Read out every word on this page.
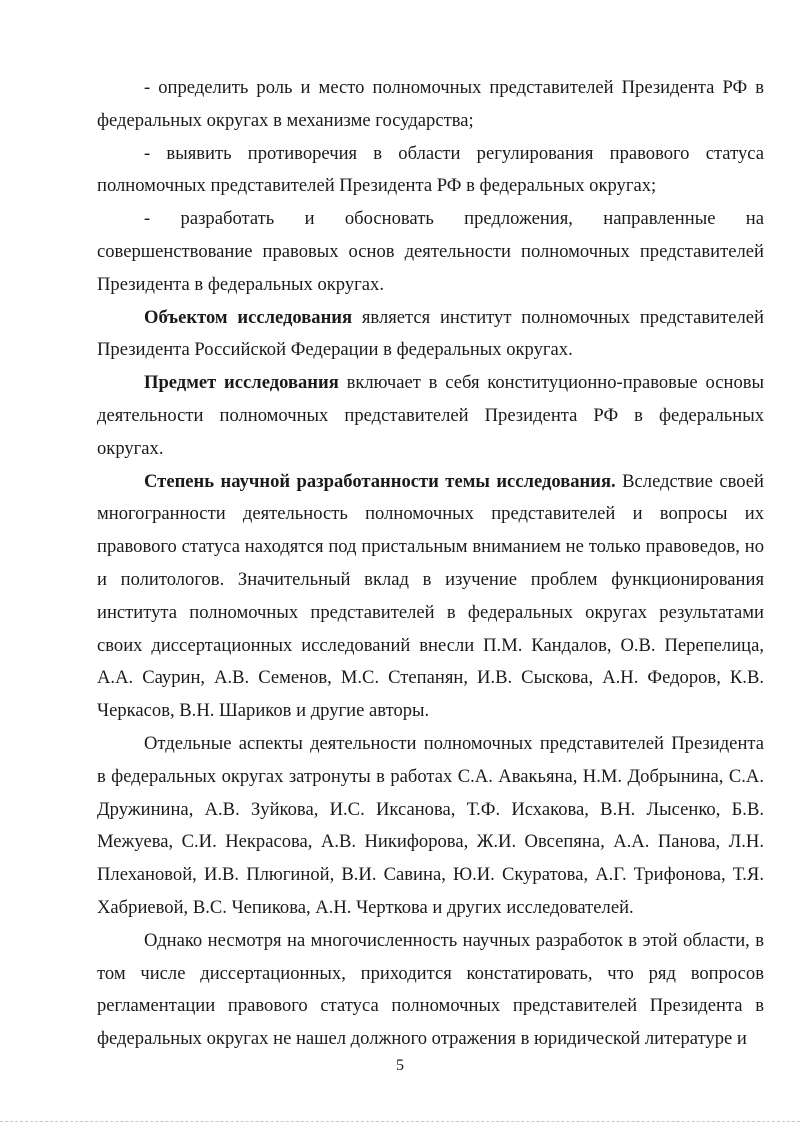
- определить роль и место полномочных представителей Президента РФ в федеральных округах в механизме государства;

- выявить противоречия в области регулирования правового статуса полномочных представителей Президента РФ в федеральных округах;

- разработать и обосновать предложения, направленные на совершенствование правовых основ деятельности полномочных представителей Президента в федеральных округах.

Объектом исследования является институт полномочных представителей Президента Российской Федерации в федеральных округах.

Предмет исследования включает в себя конституционно-правовые основы деятельности полномочных представителей Президента РФ в федеральных округах.

Степень научной разработанности темы исследования. Вследствие своей многогранности деятельность полномочных представителей и вопросы их правового статуса находятся под пристальным вниманием не только правоведов, но и политологов. Значительный вклад в изучение проблем функционирования института полномочных представителей в федеральных округах результатами своих диссертационных исследований внесли П.М. Кандалов, О.В. Перепелица, А.А. Саурин, А.В. Семенов, М.С. Степанян, И.В. Сыскова, А.Н. Федоров, К.В. Черкасов, В.Н. Шариков и другие авторы.

Отдельные аспекты деятельности полномочных представителей Президента в федеральных округах затронуты в работах С.А. Авакьяна, Н.М. Добрынина, С.А. Дружинина, А.В. Зуйкова, И.С. Иксанова, Т.Ф. Исхакова, В.Н. Лысенко, Б.В. Межуева, С.И. Некрасова, А.В. Никифорова, Ж.И. Овсепяна, А.А. Панова, Л.Н. Плехановой, И.В. Плюгиной, В.И. Савина, Ю.И. Скуратова, А.Г. Трифонова, Т.Я. Хабриевой, В.С. Чепикова, А.Н. Черткова и других исследователей.

Однако несмотря на многочисленность научных разработок в этой области, в том числе диссертационных, приходится констатировать, что ряд вопросов регламентации правового статуса полномочных представителей Президента в федеральных округах не нашел должного отражения в юридической литературе и

5
